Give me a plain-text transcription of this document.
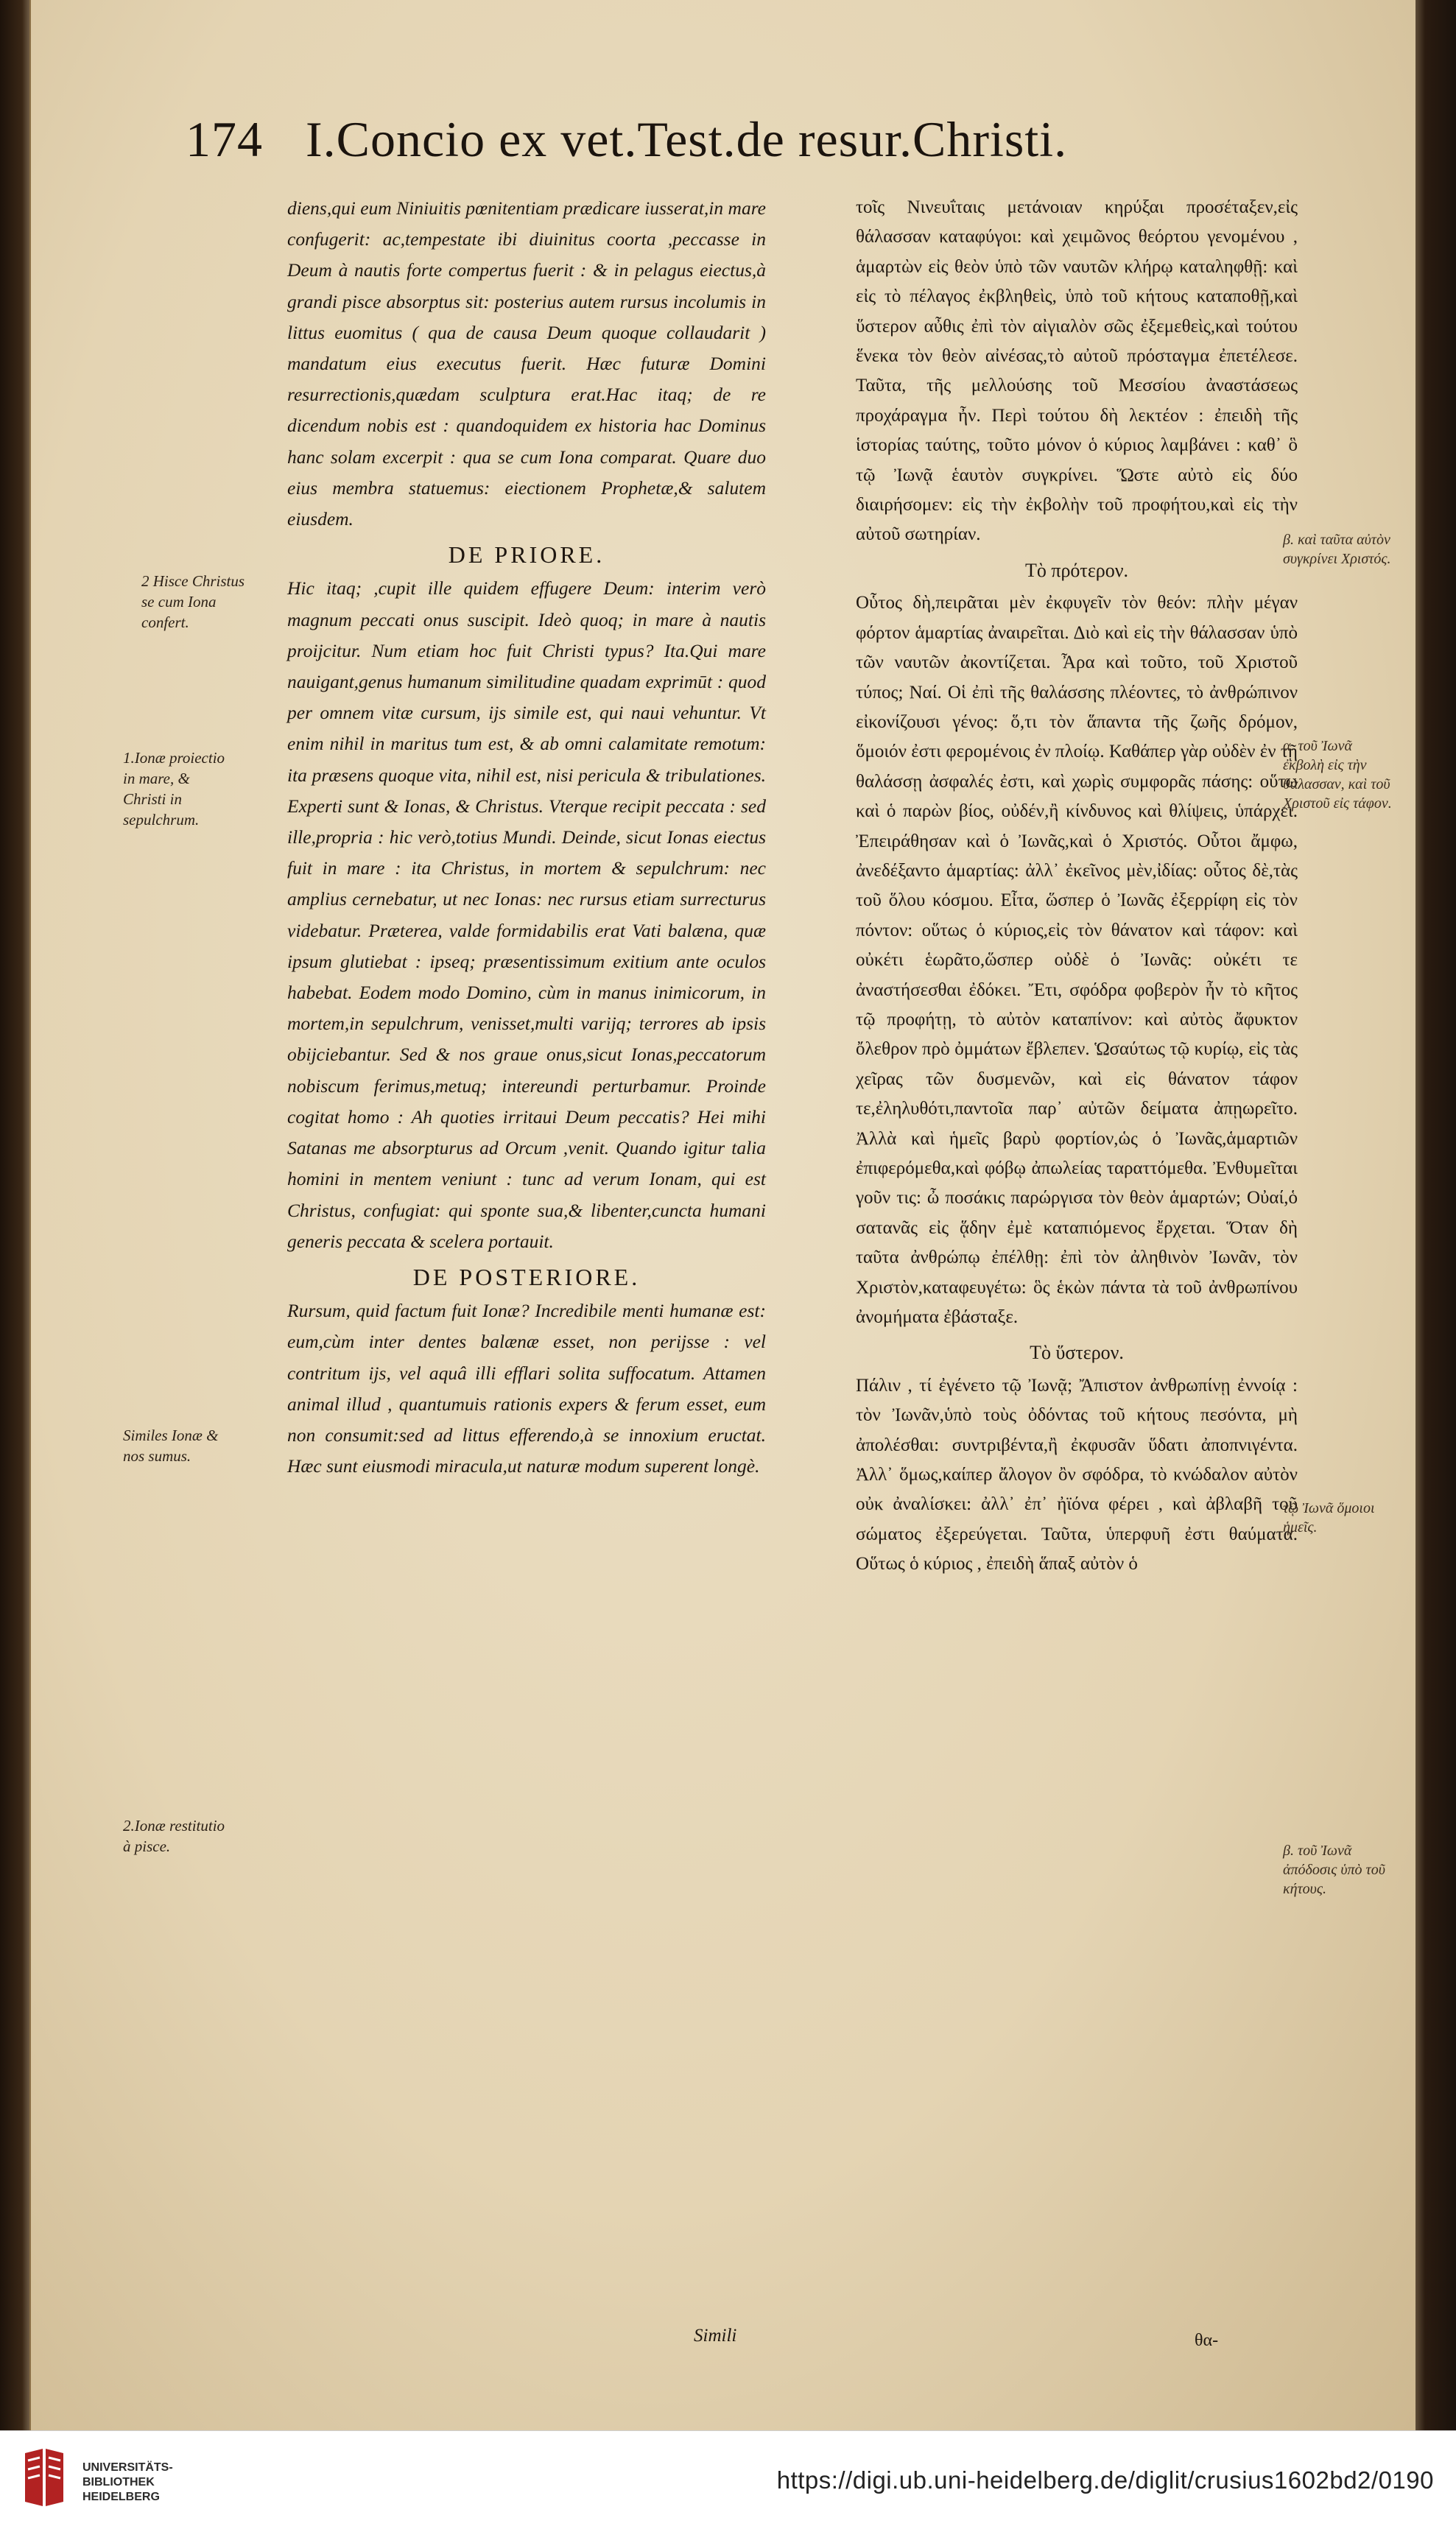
174 I.Concio ex vet.Test.de resur.Christi.

diens,qui eum Niniuitis pœnitentiam prædicare iusserat,in mare confugerit: ac,tempestate ibi diuinitus coorta ,peccasse in Deum à nautis forte compertus fuerit : & in pelagus eiectus,à grandi pisce absorptus sit: posterius autem rursus incolumis in littus euomitus ( qua de causa Deum quoque collaudarit ) mandatum eius executus fuerit. Hæc futuræ Domini resurrectionis,quædam sculptura erat.Hac itaq; de re dicendum nobis est : quandoquidem ex historia hac Dominus hanc solam excerpit : qua se cum Iona comparat. Quare duo eius membra statuemus: eiectionem Prophetæ,& salutem eiusdem.

DE PRIORE.

Hic itaq; ,cupit ille quidem effugere Deum: interim verò magnum peccati onus suscipit. Ideò quoq; in mare à nautis proijcitur. Num etiam hoc fuit Christi typus? Ita.Qui mare nauigant,genus humanum similitudine quadam exprimūt : quod per omnem vitæ cursum, ijs simile est, qui naui vehuntur. Vt enim nihil in maritus tum est, & ab omni calamitate remotum: ita præsens quoque vita, nihil est, nisi pericula & tribulationes. Experti sunt & Ionas, & Christus. Vterque recipit peccata : sed ille,propria : hic verò,totius Mundi. Deinde, sicut Ionas eiectus fuit in mare : ita Christus, in mortem & sepulchrum: nec amplius cernebatur, ut nec Ionas: nec rursus etiam surrecturus videbatur. Præterea, valde formidabilis erat Vati balæna, quæ ipsum glutiebat : ipseq; præsentissimum exitium ante oculos habebat. Eodem modo Domino, cùm in manus inimicorum, in mortem,in sepulchrum, venisset,multi varijq; terrores ab ipsis obijciebantur. Sed & nos graue onus,sicut Ionas,peccatorum nobiscum ferimus,metuq; intereundi perturbamur. Proinde cogitat homo : Ah quoties irritaui Deum peccatis? Hei mihi Satanas me absorpturus ad Orcum ,venit. Quando igitur talia homini in mentem veniunt : tunc ad verum Ionam, qui est Christus, confugiat: qui sponte sua,& libenter,cuncta humani generis peccata & scelera portauit.

DE POSTERIORE.

Rursum, quid factum fuit Ionæ? Incredibile menti humanæ est: eum,cùm inter dentes balænæ esset, non perijsse : vel contritum ijs, vel aquâ illi efflari solita suffocatum. Attamen animal illud , quantumuis rationis expers & ferum esset, eum non consumit:sed ad littus efferendo,à se innoxium eructat. Hæc sunt eiusmodi miracula,ut naturæ modum superent longè.

τοῖς Νινευΐταις μετάνοιαν κηρύξαι προσέταξεν,εἰς θάλασσαν καταφύγοι: καὶ χειμῶνος θεόρτου γενομένου , ἁμαρτὼν εἰς θεὸν ὑπὸ τῶν ναυτῶν κλήρῳ καταληφθῇ: καὶ εἰς τὸ πέλαγος ἐκβληθεὶς, ὑπὸ τοῦ κήτους καταποθῇ,καὶ ὕστερον αὖθις ἐπὶ τὸν αἰγιαλὸν σῶς ἐξεμεθεὶς,καὶ τούτου ἕνεκα τὸν θεὸν αἰνέσας,τὸ αὐτοῦ πρόσταγμα ἐπετέλεσε. Ταῦτα, τῆς μελλούσης τοῦ Μεσσίου ἀναστάσεως προχάραγμα ἦν. Περὶ τούτου δὴ λεκτέον : ἐπειδὴ τῆς ἱστορίας ταύτης, τοῦτο μόνον ὁ κύριος λαμβάνει : καθ᾽ ὃ τῷ Ἰωνᾷ ἑαυτὸν συγκρίνει. Ὥστε αὐτὸ εἰς δύο διαιρήσομεν: εἰς τὴν ἐκβολὴν τοῦ προφήτου,καὶ εἰς τὴν αὐτοῦ σωτηρίαν.

Τὸ πρότερον.

Οὗτος δὴ,πειρᾶται μὲν ἐκφυγεῖν τὸν θεόν: πλὴν μέγαν φόρτον ἁμαρτίας ἀναιρεῖται. Διὸ καὶ εἰς τὴν θάλασσαν ὑπὸ τῶν ναυτῶν ἀκοντίζεται. Ἆρα καὶ τοῦτο, τοῦ Χριστοῦ τύπος; Ναί. Οἱ ἐπὶ τῆς θαλάσσης πλέοντες, τὸ ἀνθρώπινον εἰκονίζουσι γένος: ὅ,τι τὸν ἅπαντα τῆς ζωῆς δρόμον, ὅμοιόν ἐστι φερομένοις ἐν πλοίῳ. Καθάπερ γὰρ οὐδὲν ἐν τῇ θαλάσσῃ ἀσφαλές ἐστι, καὶ χωρὶς συμφορᾶς πάσης: οὕτω καὶ ὁ παρὼν βίος, οὐδέν,ἢ κίνδυνος καὶ θλίψεις, ὑπάρχει. Ἐπειράθησαν καὶ ὁ Ἰωνᾶς,καὶ ὁ Χριστός. Οὗτοι ἄμφω, ἀνεδέξαντο ἁμαρτίας: ἀλλ᾽ ἐκεῖνος μὲν,ἰδίας: οὗτος δὲ,τὰς τοῦ ὅλου κόσμου. Εἶτα, ὥσπερ ὁ Ἰωνᾶς ἐξερρίφη εἰς τὸν πόντον: οὕτως ὁ κύριος,εἰς τὸν θάνατον καὶ τάφον: καὶ οὐκέτι ἑωρᾶτο,ὥσπερ οὐδὲ ὁ Ἰωνᾶς: οὐκέτι τε ἀναστήσεσθαι ἐδόκει. Ἔτι, σφόδρα φοβερὸν ἦν τὸ κῆτος τῷ προφήτῃ, τὸ αὐτὸν καταπίνον: καὶ αὐτὸς ἄφυκτον ὄλεθρον πρὸ ὀμμάτων ἔβλεπεν. Ὡσαύτως τῷ κυρίῳ, εἰς τὰς χεῖρας τῶν δυσμενῶν, καὶ εἰς θάνατον τάφον τε,ἐληλυθότι,παντοῖα παρ᾽ αὐτῶν δείματα ἀπῃωρεῖτο. Ἀλλὰ καὶ ἡμεῖς βαρὺ φορτίον,ὡς ὁ Ἰωνᾶς,ἁμαρτιῶν ἐπιφερόμεθα,καὶ φόβῳ ἀπωλείας ταραττόμεθα. Ἐνθυμεῖται γοῦν τις: ὦ ποσάκις παρώργισα τὸν θεὸν ἁμαρτών; Οὐαί,ὁ σατανᾶς εἰς ᾅδην ἐμὲ καταπιόμενος ἔρχεται. Ὅταν δὴ ταῦτα ἀνθρώπῳ ἐπέλθῃ: ἐπὶ τὸν ἀληθινὸν Ἰωνᾶν, τὸν Χριστὸν,καταφευγέτω: ὃς ἑκὼν πάντα τὰ τοῦ ἀνθρωπίνου ἀνομήματα ἐβάσταξε.

Τὸ ὕστερον.

Πάλιν , τί ἐγένετο τῷ Ἰωνᾷ; Ἄπιστον ἀνθρωπίνῃ ἐννοίᾳ : τὸν Ἰωνᾶν,ὑπὸ τοὺς ὀδόντας τοῦ κήτους πεσόντα, μὴ ἀπολέσθαι: συντριβέντα,ἢ ἐκφυσᾶν ὕδατι ἀποπνιγέντα. Ἀλλ᾽ ὅμως,καίπερ ἄλογον ὂν σφόδρα, τὸ κνώδαλον αὐτὸν οὐκ ἀναλίσκει: ἀλλ᾽ ἐπ᾽ ἠϊόνα φέρει , καὶ ἀβλαβῆ τοῦ σώματος ἐξερεύγεται. Ταῦτα, ὑπερφυῆ ἐστι θαύματα. Οὕτως ὁ κύριος , ἐπειδὴ ἅπαξ αὐτὸν ὁ

2 Hisce Christus se cum Iona confert.
1.Ionæ proiectio in mare, & Christi in sepulchrum.
Similes Ionæ & nos sumus.
2.Ionæ restitutio à pisce.
β. καὶ ταῦτα αὐτὸν συγκρίνει Χριστός.
α. τοῦ Ἰωνᾶ ἐκβολὴ εἰς τὴν θάλασσαν, καὶ τοῦ Χριστοῦ εἰς τάφον.
τῷ Ἰωνᾶ ὅμοιοι ἡμεῖς.
β. τοῦ Ἰωνᾶ ἀπόδοσις ὑπὸ τοῦ κήτους.
Simili	θα-
UNIVERSITÄTS-
BIBLIOTHEK
HEIDELBERG
https://digi.ub.uni-heidelberg.de/diglit/crusius1602bd2/0190
